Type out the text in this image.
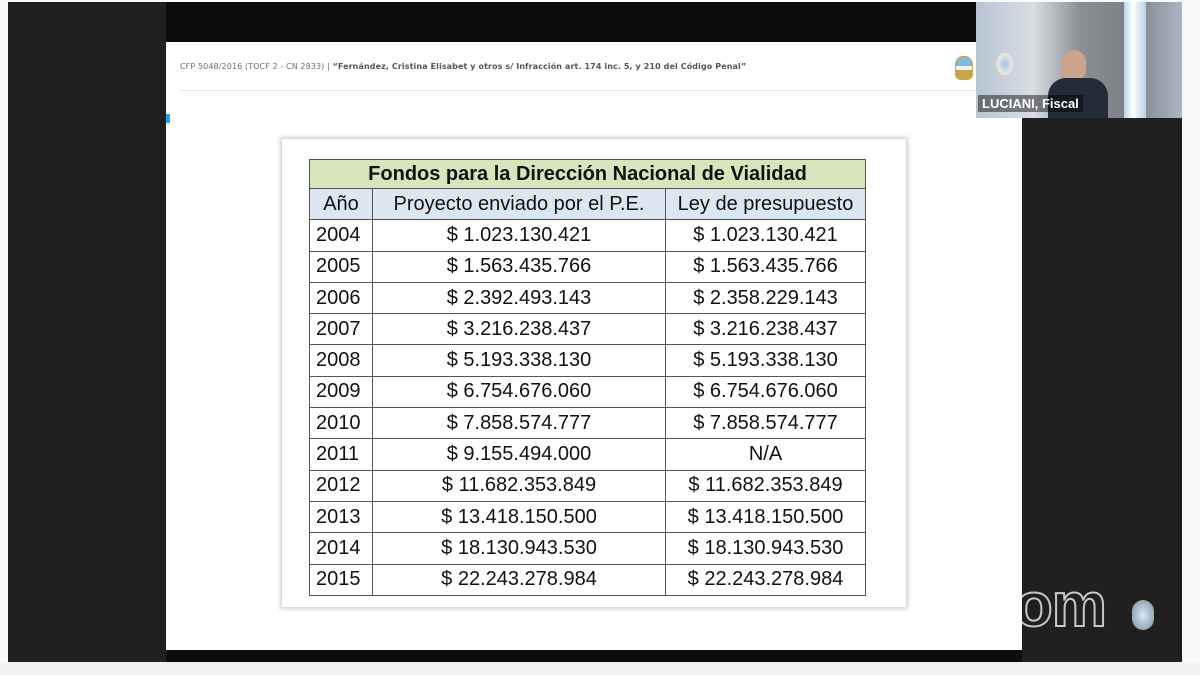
CFP 5048/2016 (TOCF 2 - CN 2833) | “Fernández, Cristina Elisabet y otros s/ Infracción art. 174 inc. 5, y 210 del Código Penal”
Fondos para la Dirección Nacional de Vialidad		
Año	Proyecto enviado por el P.E.	Ley de presupuesto
2004	$ 1.023.130.421	$ 1.023.130.421
2005	$ 1.563.435.766	$ 1.563.435.766
2006	$ 2.392.493.143	$ 2.358.229.143
2007	$ 3.216.238.437	$ 3.216.238.437
2008	$ 5.193.338.130	$ 5.193.338.130
2009	$ 6.754.676.060	$ 6.754.676.060
2010	$ 7.858.574.777	$ 7.858.574.777
2011	$ 9.155.494.000	N/A
2012	$ 11.682.353.849	$ 11.682.353.849
2013	$ 13.418.150.500	$ 13.418.150.500
2014	$ 18.130.943.530	$ 18.130.943.530
2015	$ 22.243.278.984	$ 22.243.278.984
LUCIANI, Fiscal
zoom
